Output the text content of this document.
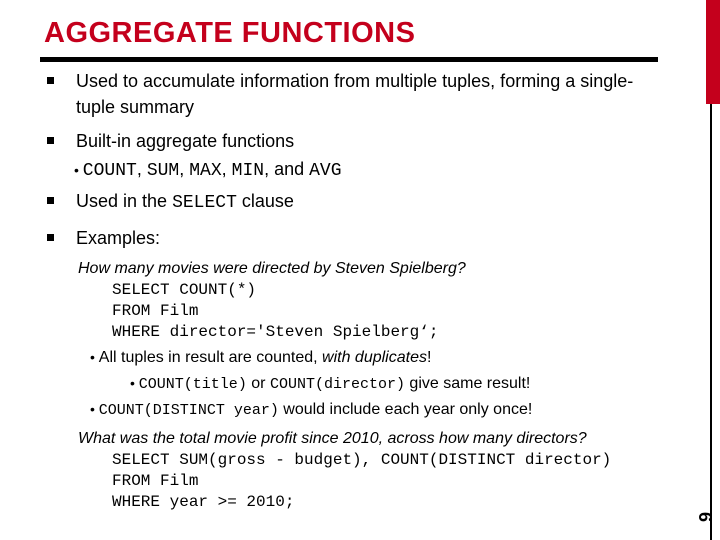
6
AGGREGATE FUNCTIONS
Used to accumulate information from multiple tuples, forming a single-
tuple summary
Built-in aggregate functions
• COUNT, SUM, MAX, MIN, and AVG
Used in the SELECT clause
Examples:
How many movies were directed by Steven Spielberg?
SELECT COUNT(*)
FROM Film
WHERE director='Steven Spielberg‘;
• All tuples in result are counted, with duplicates!
• COUNT(title) or COUNT(director) give same result!
• COUNT(DISTINCT year) would include each year only once!
What was the total movie profit since 2010, across how many directors?
SELECT SUM(gross - budget), COUNT(DISTINCT director)
FROM Film
WHERE year >= 2010;
